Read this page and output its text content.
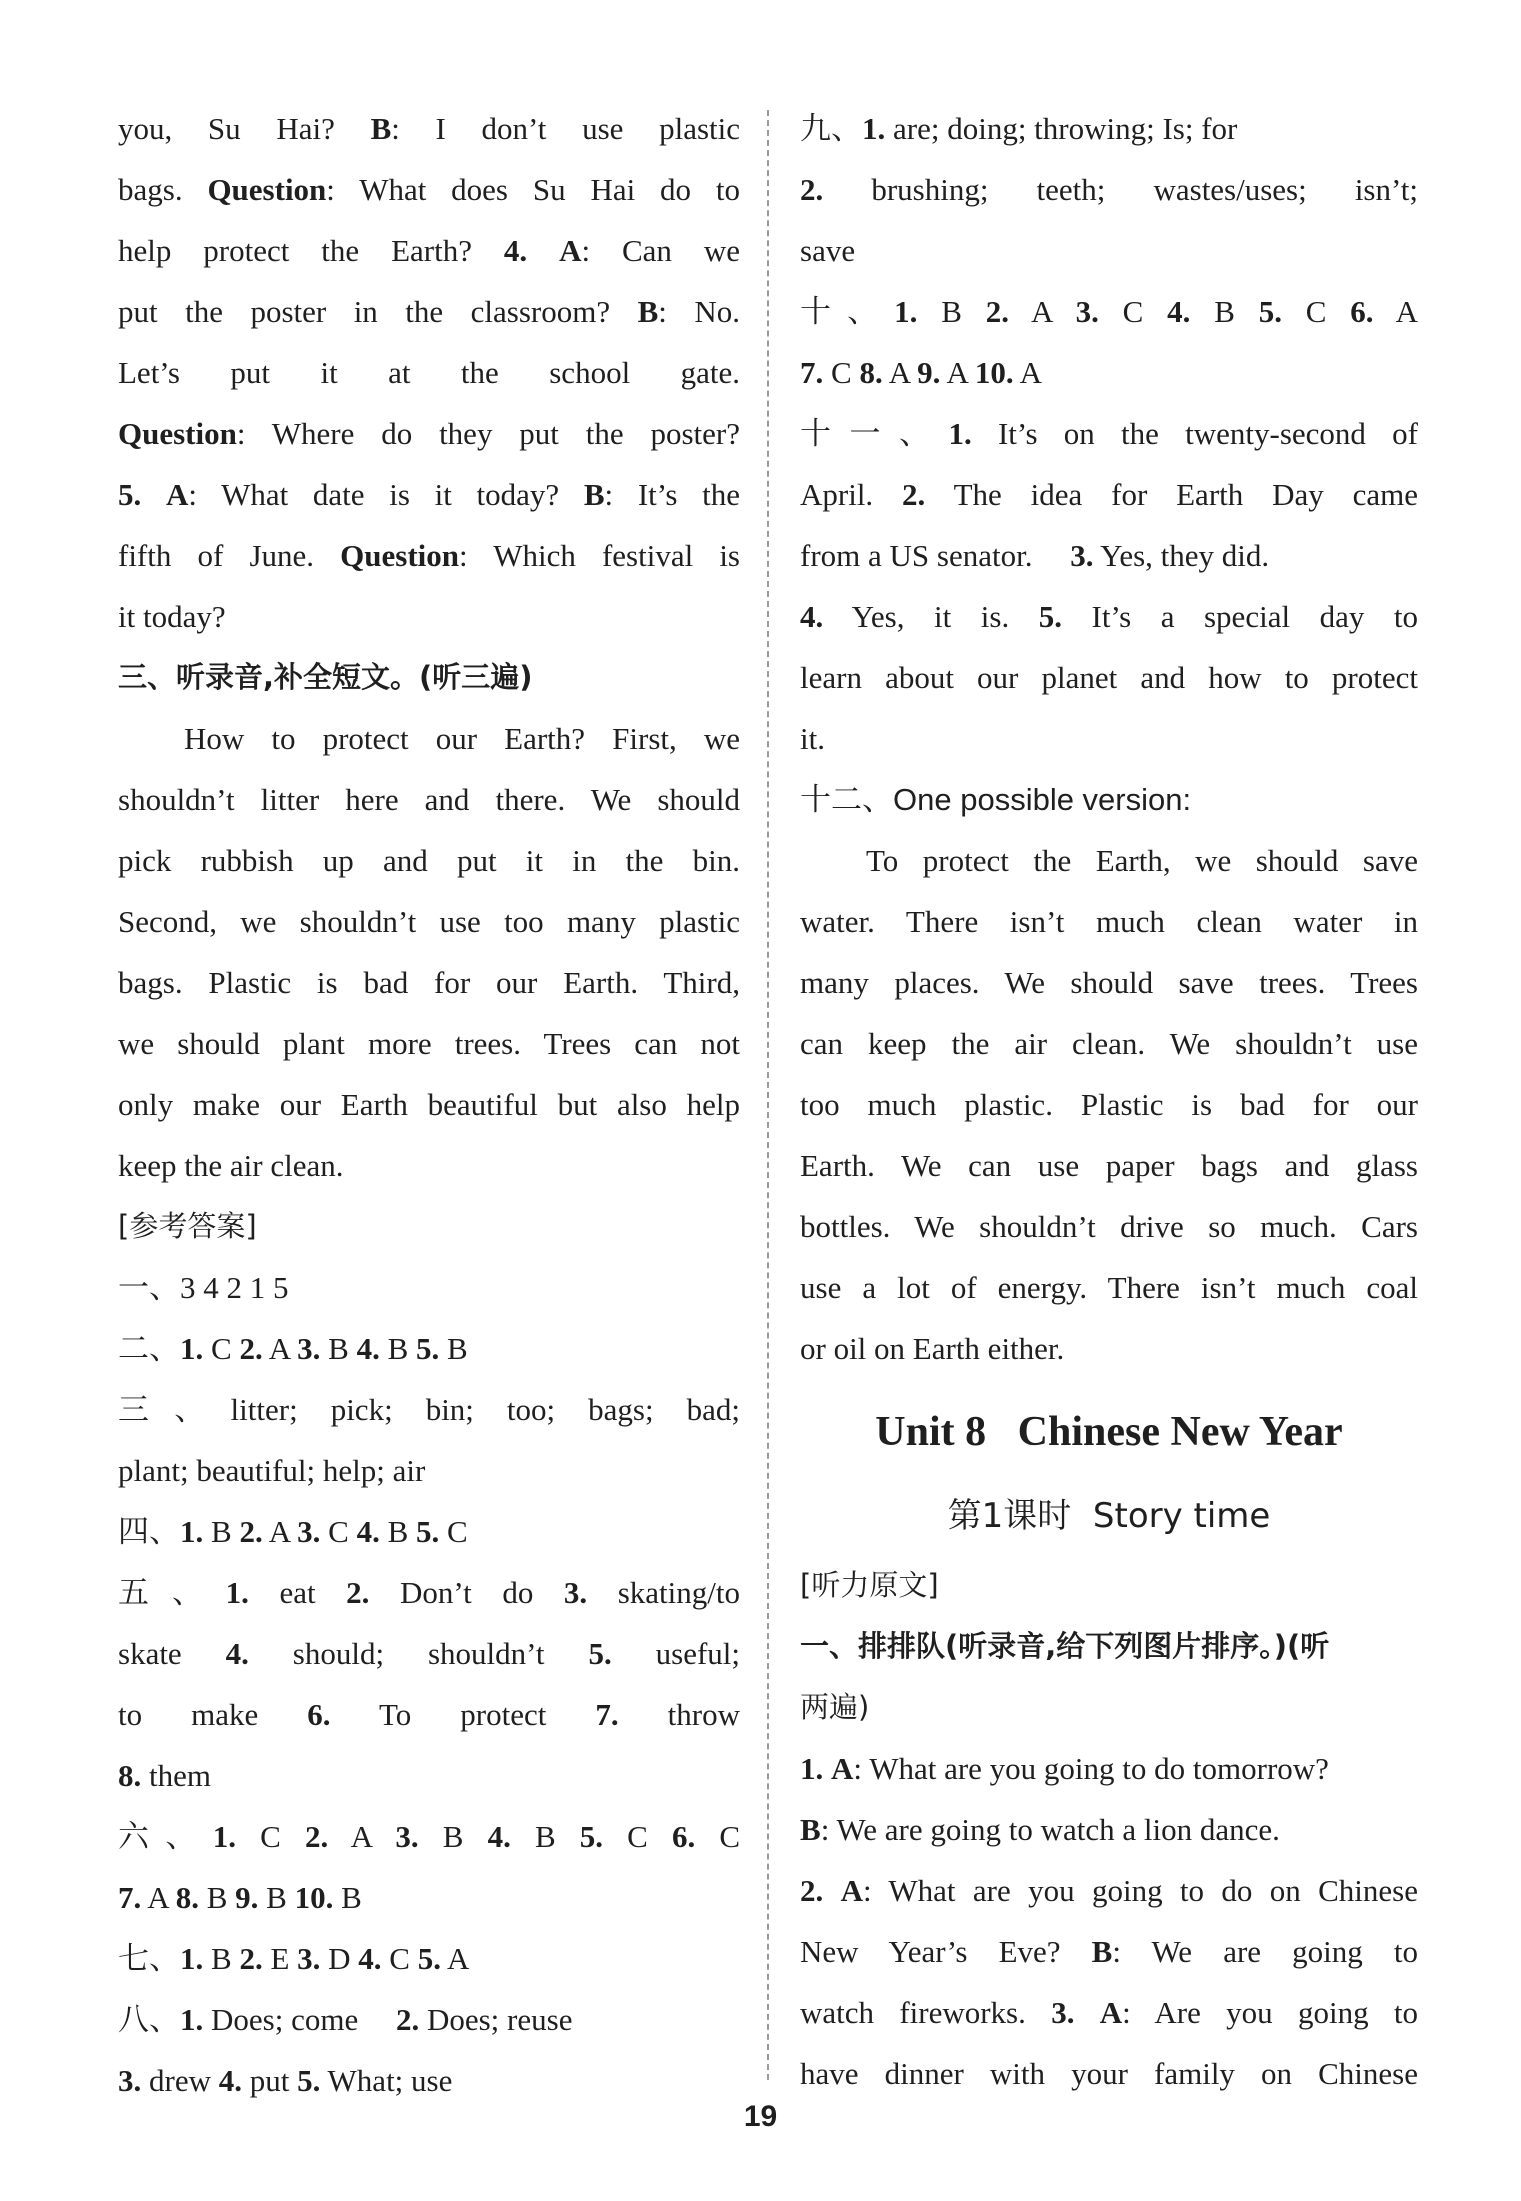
you, Su Hai? B: I don’t use plastic
bags. Question: What does Su Hai do to
help protect the Earth? 4. A: Can we
put the poster in the classroom? B: No.
Let’s put it at the school gate.
Question: Where do they put the poster?
5. A: What date is it today? B: It’s the
fifth of June. Question: Which festival is
it today?
三、听录音,补全短文。(听三遍)
How to protect our Earth? First, we
shouldn’t litter here and there. We should
pick rubbish up and put it in the bin.
Second, we shouldn’t use too many plastic
bags. Plastic is bad for our Earth. Third,
we should plant more trees. Trees can not
only make our Earth beautiful but also help
keep the air clean.
[参考答案]
一、3 4 2 1 5
二、1. C 2. A 3. B 4. B 5. B
三、litter; pick; bin; too; bags; bad;
plant; beautiful; help; air
四、1. B 2. A 3. C 4. B 5. C
五、1. eat 2. Don’t do 3. skating/to
skate 4. should; shouldn’t 5. useful;
to make 6. To protect 7. throw
8. them
六、1. C 2. A 3. B 4. B 5. C 6. C
7. A 8. B 9. B 10. B
七、1. B 2. E 3. D 4. C 5. A
八、1. Does; come 2. Does; reuse
3. drew 4. put 5. What; use
九、1. are; doing; throwing; Is; for
2. brushing; teeth; wastes/uses; isn’t;
save
十、1. B 2. A 3. C 4. B 5. C 6. A
7. C 8. A 9. A 10. A
十一、1. It’s on the twenty-second of
April. 2. The idea for Earth Day came
from a US senator. 3. Yes, they did.
4. Yes, it is. 5. It’s a special day to
learn about our planet and how to protect
it.
十二、One possible version:
To protect the Earth, we should save
water. There isn’t much clean water in
many places. We should save trees. Trees
can keep the air clean. We shouldn’t use
too much plastic. Plastic is bad for our
Earth. We can use paper bags and glass
bottles. We shouldn’t drive so much. Cars
use a lot of energy. There isn’t much coal
or oil on Earth either.
Unit 8   Chinese New Year
第1课时  Story time
[听力原文]
一、排排队(听录音,给下列图片排序。)(听
两遍)
1. A: What are you going to do tomorrow?
B: We are going to watch a lion dance.
2. A: What are you going to do on Chinese
New Year’s Eve? B: We are going to
watch fireworks. 3. A: Are you going to
have dinner with your family on Chinese
19
